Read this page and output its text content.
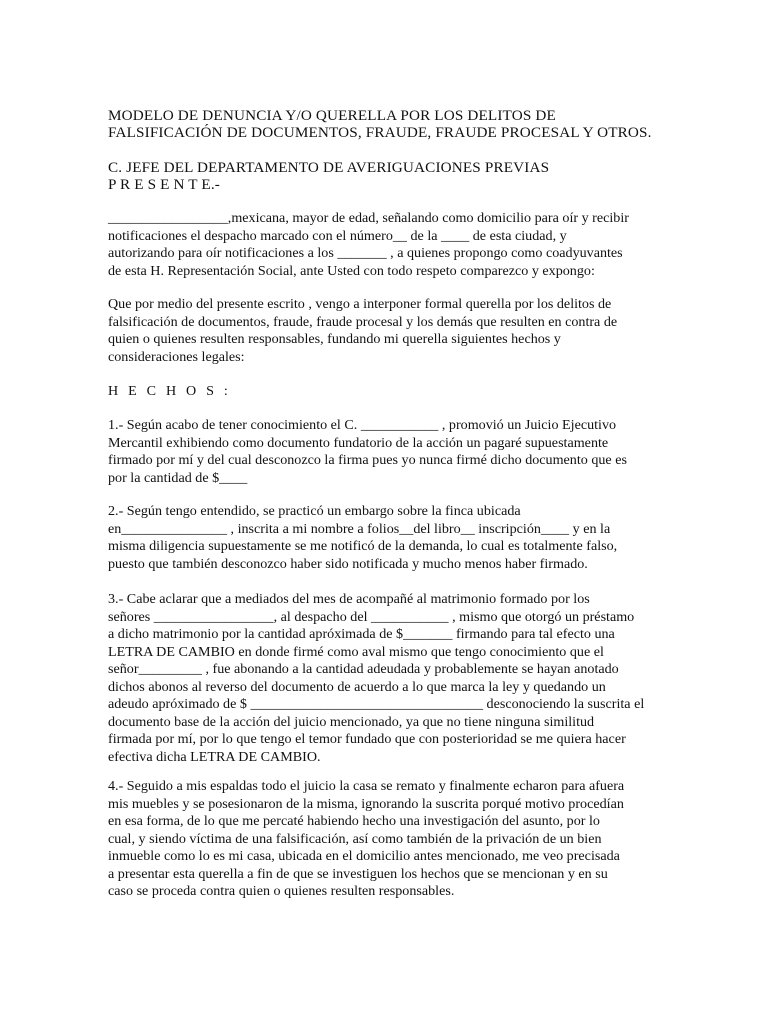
MODELO DE DENUNCIA Y/O QUERELLA POR LOS DELITOS DE
FALSIFICACIÓN DE DOCUMENTOS, FRAUDE, FRAUDE PROCESAL Y OTROS.
C. JEFE DEL DEPARTAMENTO DE AVERIGUACIONES PREVIAS
P R E S E N T E.-
_________________,mexicana, mayor de edad, señalando como domicilio para oír y recibir
notificaciones el despacho marcado con el número__ de la ____ de esta ciudad, y
autorizando para oír notificaciones a los _______ , a quienes propongo como coadyuvantes
de esta H. Representación Social, ante Usted con todo respeto comparezco y expongo:
Que por medio del presente escrito , vengo a interponer formal querella por los delitos de
falsificación de documentos, fraude, fraude procesal y los demás que resulten en contra de
quien o quienes resulten responsables, fundando mi querella siguientes hechos y
consideraciones legales:
H E C H O S :
1.- Según acabo de tener conocimiento el C. ___________ , promovió un Juicio Ejecutivo
Mercantil exhibiendo como documento fundatorio de la acción un pagaré supuestamente
firmado por mí y del cual desconozco la firma pues yo nunca firmé dicho documento que es
por la cantidad de $____
2.- Según tengo entendido, se practicó un embargo sobre la finca ubicada
en_______________ , inscrita a mi nombre a folios__del libro__ inscripción____ y en la
misma diligencia supuestamente se me notificó de la demanda, lo cual es totalmente falso,
puesto que también desconozco haber sido notificada y mucho menos haber firmado.
3.- Cabe aclarar que a mediados del mes de acompañé al matrimonio formado por los
señores _________________, al despacho del ___________ , mismo que otorgó un préstamo
a dicho matrimonio por la cantidad apróximada de $_______ firmando para tal efecto una
LETRA DE CAMBIO en donde firmé como aval mismo que tengo conocimiento que el
señor_________ , fue abonando a la cantidad adeudada y probablemente se hayan anotado
dichos abonos al reverso del documento de acuerdo a lo que marca la ley y quedando un
adeudo apróximado de $ _________________________________ desconociendo la suscrita el
documento base de la acción del juicio mencionado, ya que no tiene ninguna similitud
firmada por mí, por lo que tengo el temor fundado que con posterioridad se me quiera hacer
efectiva dicha LETRA DE CAMBIO.
4.- Seguido a mis espaldas todo el juicio la casa se remato y finalmente echaron para afuera
mis muebles y se posesionaron de la misma, ignorando la suscrita porqué motivo procedían
en esa forma, de lo que me percaté habiendo hecho una investigación del asunto, por lo
cual, y siendo víctima de una falsificación, así como también de la privación de un bien
inmueble como lo es mi casa, ubicada en el domicilio antes mencionado, me veo precisada
a presentar esta querella a fin de que se investiguen los hechos que se mencionan y en su
caso se proceda contra quien o quienes resulten responsables.
